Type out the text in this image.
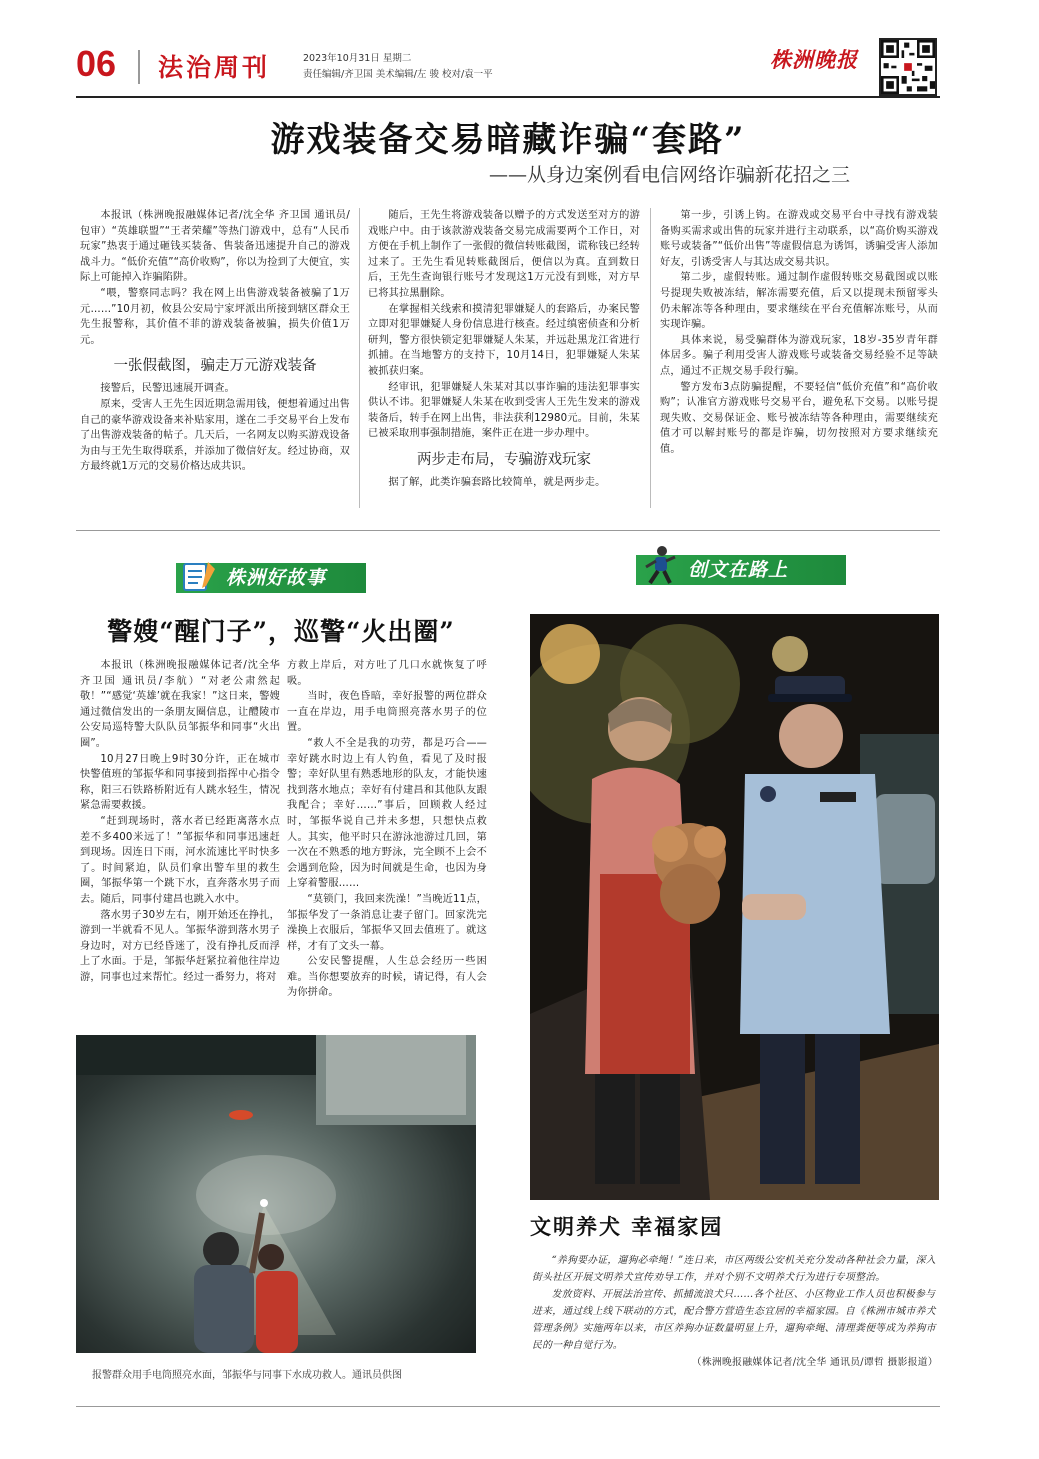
06 法治周刊	2023年10月31日 星期二
责任编辑/齐卫国 美术编辑/左 骏 校对/袁一平
株洲晚报
游戏装备交易暗藏诈骗“套路”
——从身边案例看电信网络诈骗新花招之三

本报讯（株洲晚报融媒体记者/沈全华 齐卫国 通讯员/包审）“英雄联盟”“王者荣耀”等热门游戏中，总有“人民币玩家”热衷于通过砸钱买装备、售装备迅速提升自己的游戏战斗力。“低价充值”“高价收购”，你以为捡到了大便宜，实际上可能掉入诈骗陷阱。

“喂，警察同志吗？我在网上出售游戏装备被骗了1万元……”10月初，攸县公安局宁家坪派出所接到辖区群众王先生报警称，其价值不菲的游戏装备被骗，损失价值1万元。

一张假截图，骗走万元游戏装备

接警后，民警迅速展开调查。

原来，受害人王先生因近期急需用钱，便想着通过出售自己的豪华游戏设备来补贴家用，遂在二手交易平台上发布了出售游戏装备的帖子。几天后，一名网友以购买游戏设备为由与王先生取得联系，并添加了微信好友。经过协商，双方最终就1万元的交易价格达成共识。

随后，王先生将游戏装备以赠予的方式发送至对方的游戏账户中。由于该款游戏装备交易完成需要两个工作日，对方便在手机上制作了一张假的微信转账截图，谎称钱已经转过来了。王先生看见转账截图后，便信以为真。直到数日后，王先生查询银行账号才发现这1万元没有到账，对方早已将其拉黑删除。

在掌握相关线索和摸清犯罪嫌疑人的套路后，办案民警立即对犯罪嫌疑人身份信息进行核查。经过缜密侦查和分析研判，警方很快锁定犯罪嫌疑人朱某，并远赴黑龙江省进行抓捕。在当地警方的支持下，10月14日，犯罪嫌疑人朱某被抓获归案。

经审讯，犯罪嫌疑人朱某对其以事诈骗的违法犯罪事实供认不讳。犯罪嫌疑人朱某在收到受害人王先生发来的游戏装备后，转手在网上出售，非法获利12980元。目前，朱某已被采取刑事强制措施，案件正在进一步办理中。

两步走布局，专骗游戏玩家

据了解，此类诈骗套路比较简单，就是两步走。

第一步，引诱上钩。在游戏或交易平台中寻找有游戏装备购买需求或出售的玩家并进行主动联系，以“高价购买游戏账号或装备”“低价出售”等虚假信息为诱饵，诱骗受害人添加好友，引诱受害人与其达成交易共识。

第二步，虚假转账。通过制作虚假转账交易截图或以账号提现失败被冻结，解冻需要充值，后又以提现未预留零头仍未解冻等各种理由，要求继续在平台充值解冻账号，从而实现诈骗。

具体来说，易受骗群体为游戏玩家，18岁-35岁青年群体居多。骗子利用受害人游戏账号或装备交易经验不足等缺点，通过不正规交易手段行骗。

警方发布3点防骗提醒，不要轻信“低价充值”和“高价收购”；认准官方游戏账号交易平台，避免私下交易。以账号提现失败、交易保证金、账号被冻结等各种理由，需要继续充值才可以解封账号的都是诈骗，切勿按照对方要求继续充值。

株洲好故事	创文在路上
警嫂“醒门子”，巡警“火出圈”

本报讯（株洲晚报融媒体记者/沈全华 齐卫国 通讯员/李航）“对老公肃然起敬！”“感觉‘英雄’就在我家！”这日来，警嫂通过微信发出的一条朋友圈信息，让醴陵市公安局巡特警大队队员邹振华和同事“火出圈”。

10月27日晚上9时30分许，正在城市快警值班的邹振华和同事接到指挥中心指令称，阳三石铁路桥附近有人跳水轻生，情况紧急需要救援。

“赶到现场时，落水者已经距离落水点差不多400米远了！”邹振华和同事迅速赶到现场。因连日下雨，河水流速比平时快多了。时间紧迫，队员们拿出警车里的救生圈，邹振华第一个跳下水，直奔落水男子而去。随后，同事付建昌也跳入水中。

落水男子30岁左右，刚开始还在挣扎，游到一半就看不见人。邹振华游到落水男子身边时，对方已经昏迷了，没有挣扎反而浮上了水面。于是，邹振华赶紧拉着他往岸边游，同事也过来帮忙。经过一番努力，将对

方救上岸后，对方吐了几口水就恢复了呼吸。

当时，夜色昏暗，幸好报警的两位群众一直在岸边，用手电筒照亮落水男子的位置。

“救人不全是我的功劳，都是巧合——幸好跳水时边上有人钓鱼，看见了及时报警；幸好队里有熟悉地形的队友，才能快速找到落水地点；幸好有付建昌和其他队友跟我配合；幸好……”事后，回顾救人经过时，邹振华说自己并未多想，只想快点救人。其实，他平时只在游泳池游过几回，第一次在不熟悉的地方野泳，完全顾不上会不会遇到危险，因为时间就是生命，也因为身上穿着警服……

“莫锁门，我回来洗澡！”当晚近11点，邹振华发了一条消息让妻子留门。回家洗完澡换上衣服后，邹振华又回去值班了。就这样，才有了文头一幕。

公安民警提醒，人生总会经历一些困难。当你想要放弃的时候，请记得，有人会为你拼命。

报警群众用手电筒照亮水面，邹振华与同事下水成功救人。通讯员供图
文明养犬 幸福家园

“养狗要办证，遛狗必牵绳！”连日来，市区两级公安机关充分发动各种社会力量，深入街头社区开展文明养犬宣传劝导工作，并对个别不文明养犬行为进行专项整治。

发放资料、开展法治宣传、抓捕流浪犬只……各个社区、小区物业工作人员也积极参与进来，通过线上线下联动的方式，配合警方营造生态宜居的幸福家园。自《株洲市城市养犬管理条例》实施两年以来，市区养狗办证数量明显上升，遛狗牵绳、清理粪便等成为养狗市民的一种自觉行为。

（株洲晚报融媒体记者/沈全华 通讯员/谭哲 摄影报道）
